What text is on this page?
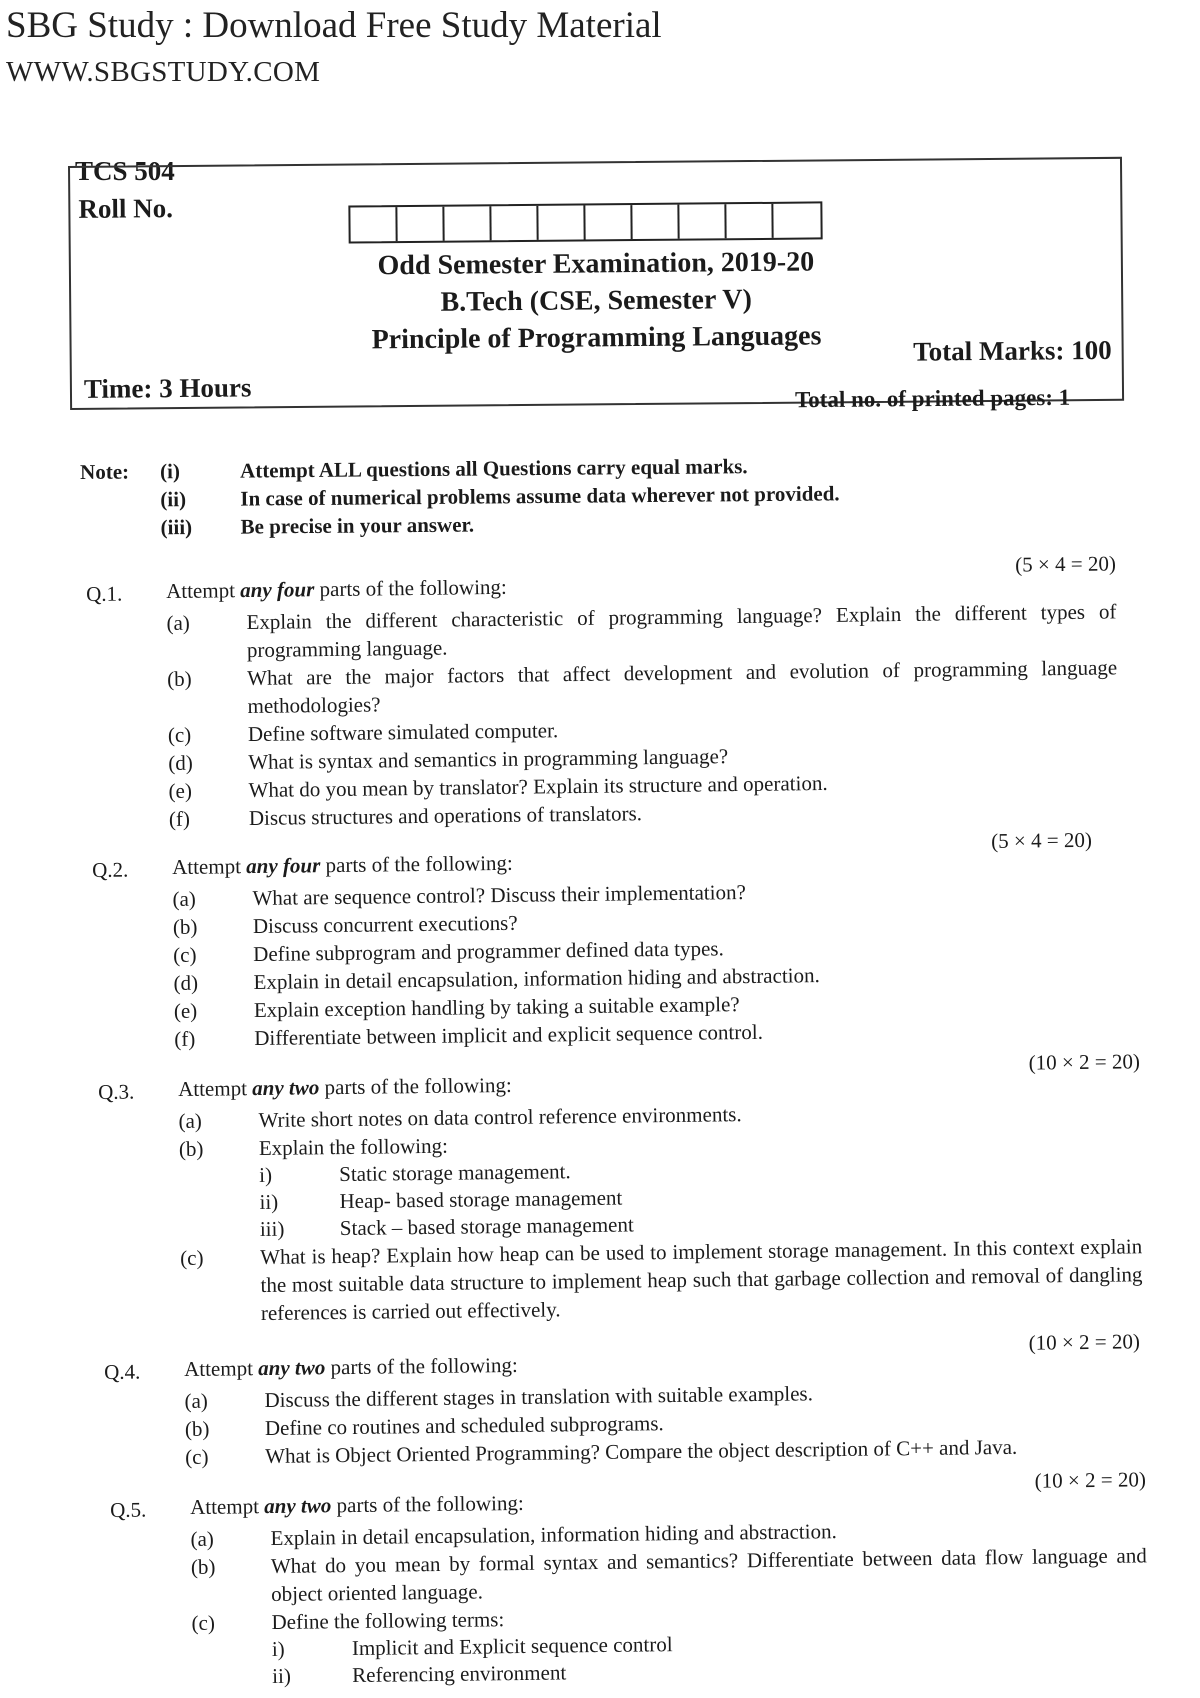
SBG Study : Download Free Study Material
WWW.SBGSTUDY.COM
TCS 504
Roll No.
Odd Semester Examination, 2019-20
B.Tech (CSE, Semester V)
Principle of Programming Languages
Time: 3 Hours
Total Marks: 100
Total no. of printed pages: 1
Note:	(i)	Attempt ALL questions all Questions carry equal marks.
(ii)	In case of numerical problems assume data wherever not provided.
(iii)	Be precise in your answer.
Q.1. Attempt any four parts of the following:
(5 × 4 = 20)
(a)	Explain the different characteristic of programming language? Explain the different types of programming language.
(b)	What are the major factors that affect development and evolution of programming language methodologies?
(c)	Define software simulated computer.
(d)	What is syntax and semantics in programming language?
(e)	What do you mean by translator? Explain its structure and operation.
(f)	Discus structures and operations of translators.
Q.2. Attempt any four parts of the following:
(5 × 4 = 20)
(a)	What are sequence control? Discuss their implementation?
(b)	Discuss concurrent executions?
(c)	Define subprogram and programmer defined data types.
(d)	Explain in detail encapsulation, information hiding and abstraction.
(e)	Explain exception handling by taking a suitable example?
(f)	Differentiate between implicit and explicit sequence control.
Q.3. Attempt any two parts of the following:
(10 × 2 = 20)
(a)	Write short notes on data control reference environments.
(b)	Explain the following:
i)	Static storage management.
ii)	Heap- based storage management
iii)	Stack – based storage management
(c)	What is heap? Explain how heap can be used to implement storage management. In this context explain the most suitable data structure to implement heap such that garbage collection and removal of dangling references is carried out effectively.
Q.4. Attempt any two parts of the following:
(10 × 2 = 20)
(a)	Discuss the different stages in translation with suitable examples.
(b)	Define co routines and scheduled subprograms.
(c)	What is Object Oriented Programming? Compare the object description of C++ and Java.
Q.5. Attempt any two parts of the following:
(10 × 2 = 20)
(a)	Explain in detail encapsulation, information hiding and abstraction.
(b)	What do you mean by formal syntax and semantics? Differentiate between data flow language and object oriented language.
(c)	Define the following terms:
i)	Implicit and Explicit sequence control
ii)	Referencing environment
